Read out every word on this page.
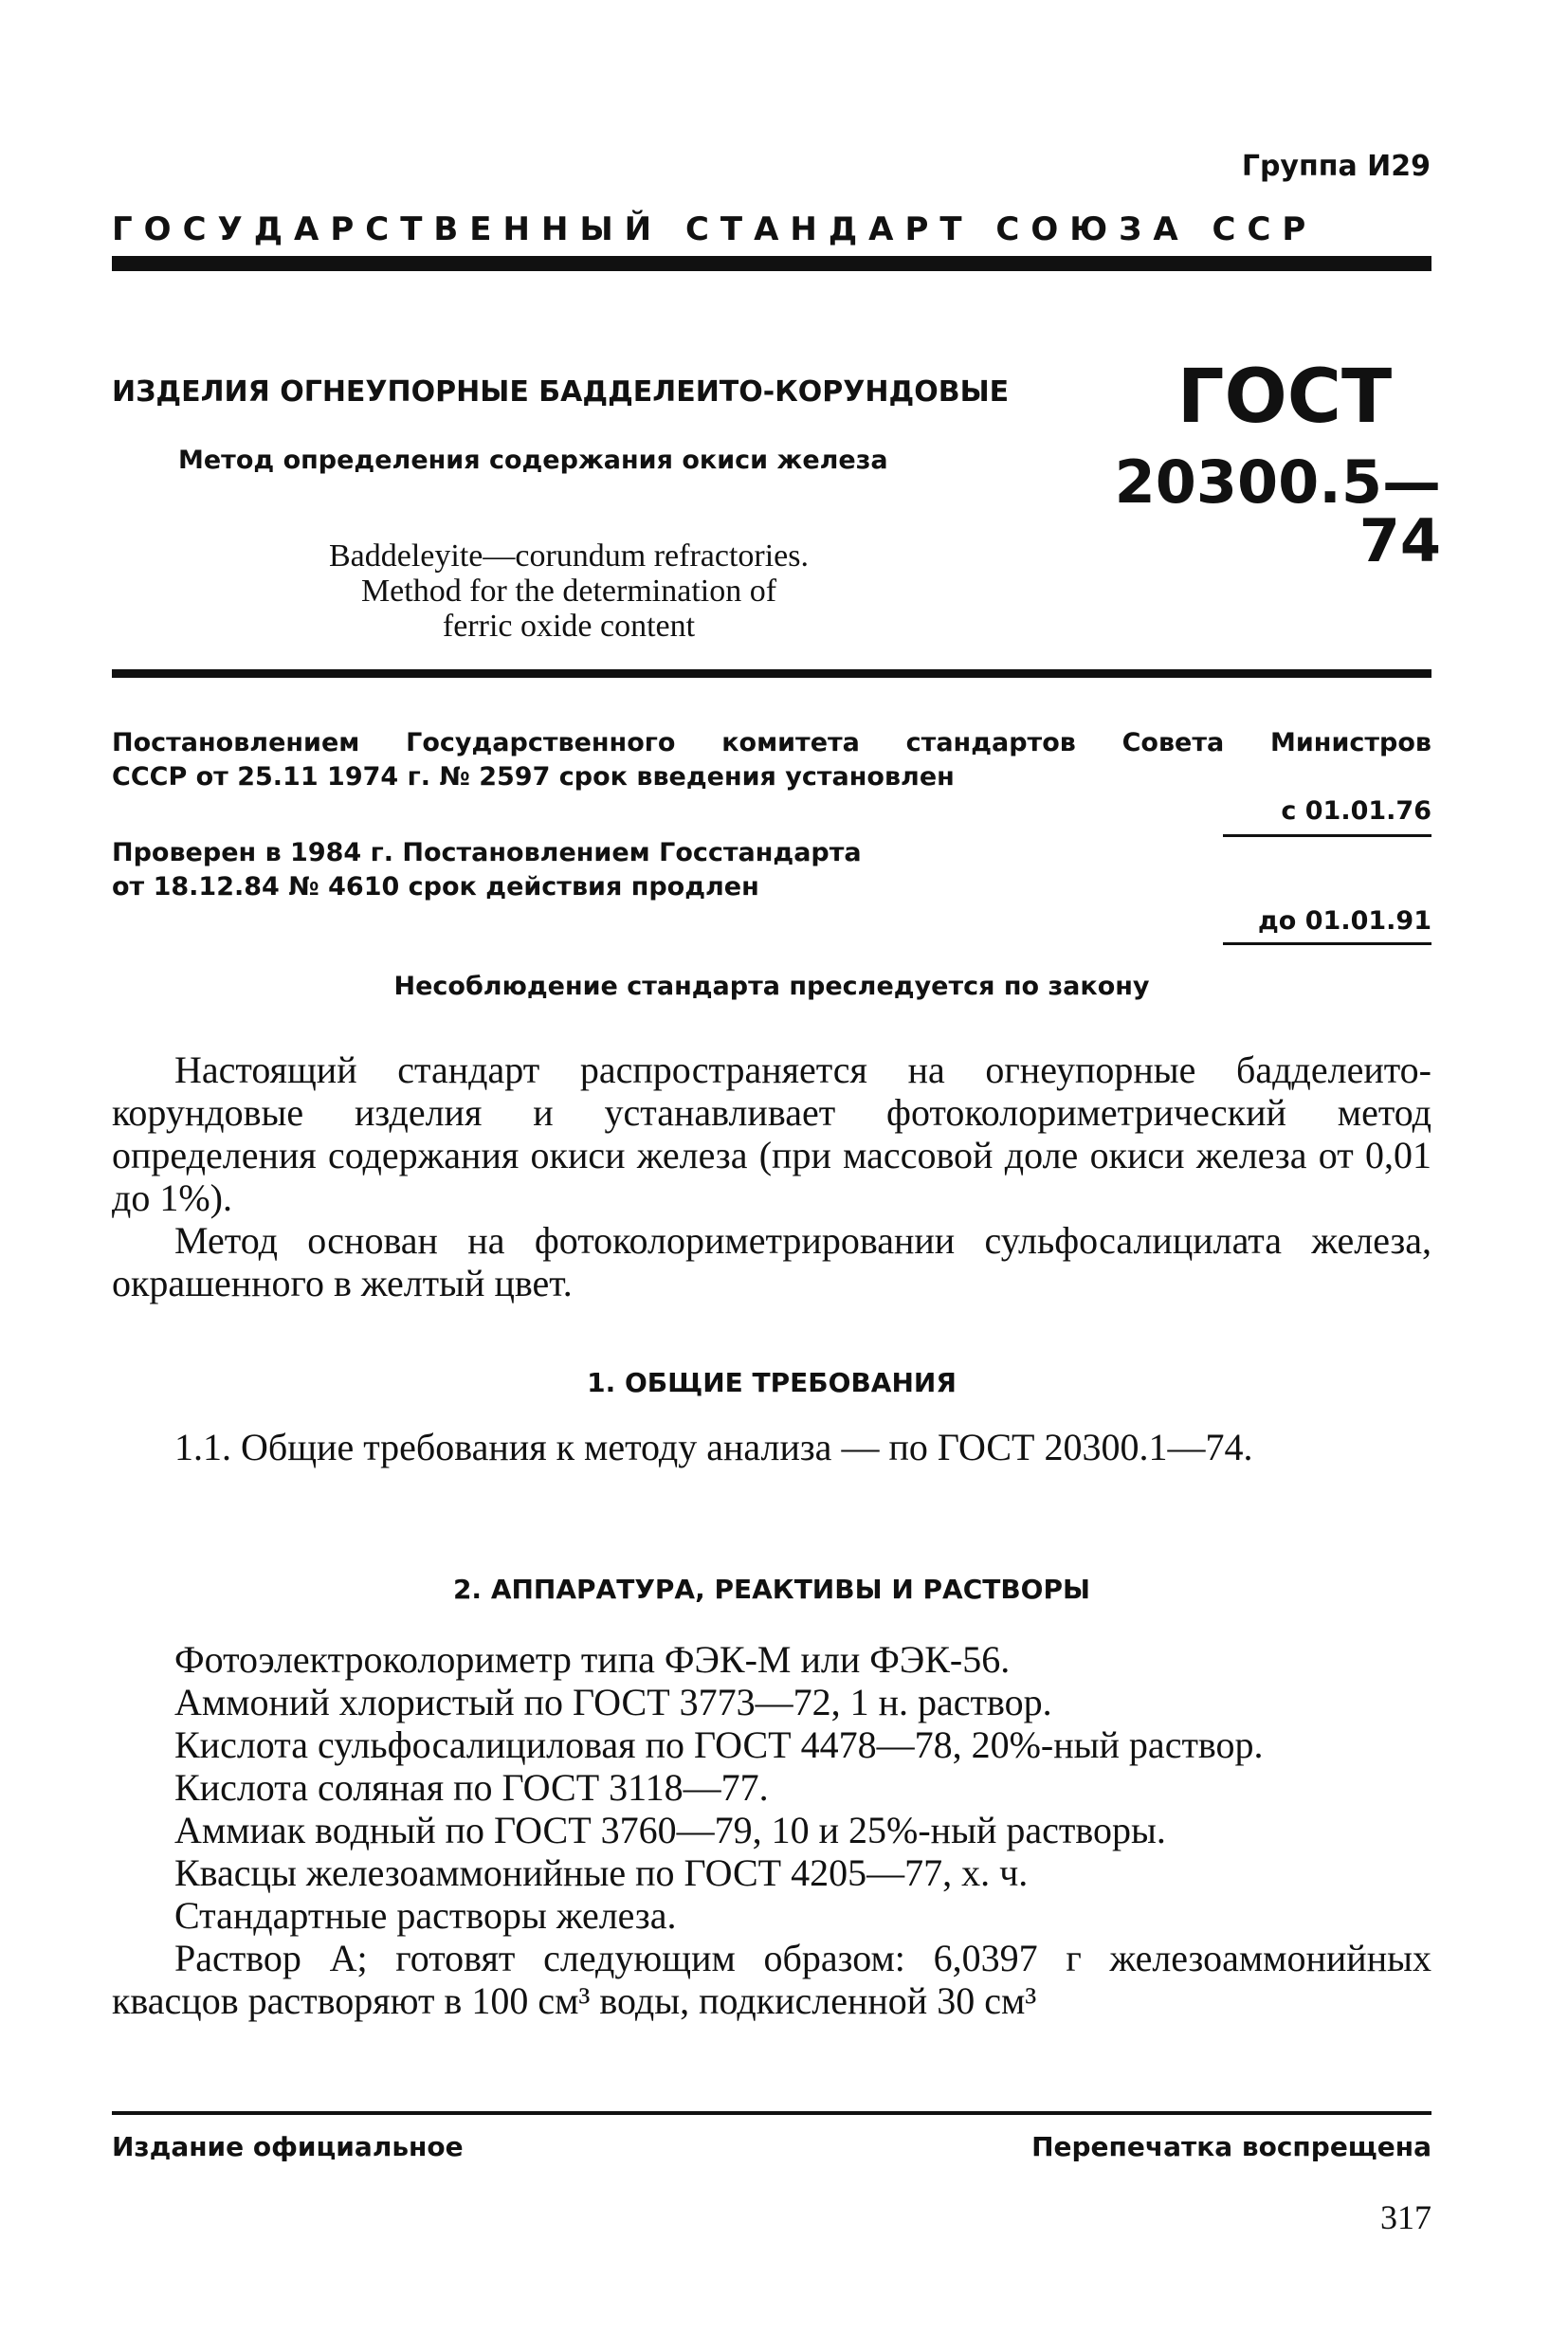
Группа И29
ГОСУДАРСТВЕННЫЙ СТАНДАРТ СОЮЗА ССР
ИЗДЕЛИЯ ОГНЕУПОРНЫЕ БАДДЕЛЕИТО-КОРУНДОВЫЕ
Метод определения содержания окиси железа
ГОСТ
20300.5—74
Baddeleyite—corundum refractories.
Method for the determination of
ferric oxide content
Постановлением Государственного комитета стандартов Совета Министров
СССР от 25.11 1974 г. № 2597 срок введения установлен
с 01.01.76
Проверен в 1984 г. Постановлением Госстандарта
от 18.12.84 № 4610 срок действия продлен
до 01.01.91
Несоблюдение стандарта преследуется по закону
Настоящий стандарт распространяется на огнеупорные бадделеито-корундовые изделия и устанавливает фотоколориметрический метод определения содержания окиси железа (при массовой доле окиси железа от 0,01 до 1%).
Метод основан на фотоколориметрировании сульфосалицилата железа, окрашенного в желтый цвет.
1. ОБЩИЕ ТРЕБОВАНИЯ
1.1. Общие требования к методу анализа — по ГОСТ 20300.1—74.
2. АППАРАТУРА, РЕАКТИВЫ И РАСТВОРЫ
Фотоэлектроколориметр типа ФЭК-М или ФЭК-56.
Аммоний хлористый по ГОСТ 3773—72, 1 н. раствор.
Кислота сульфосалициловая по ГОСТ 4478—78, 20%-ный раствор.
Кислота соляная по ГОСТ 3118—77.
Аммиак водный по ГОСТ 3760—79, 10 и 25%-ный растворы.
Квасцы железоаммонийные по ГОСТ 4205—77, х. ч.
Стандартные растворы железа.
Раствор А; готовят следующим образом: 6,0397 г железоаммонийных квасцов растворяют в 100 см³ воды, подкисленной 30 см³
Издание официальное	Перепечатка воспрещена
317
